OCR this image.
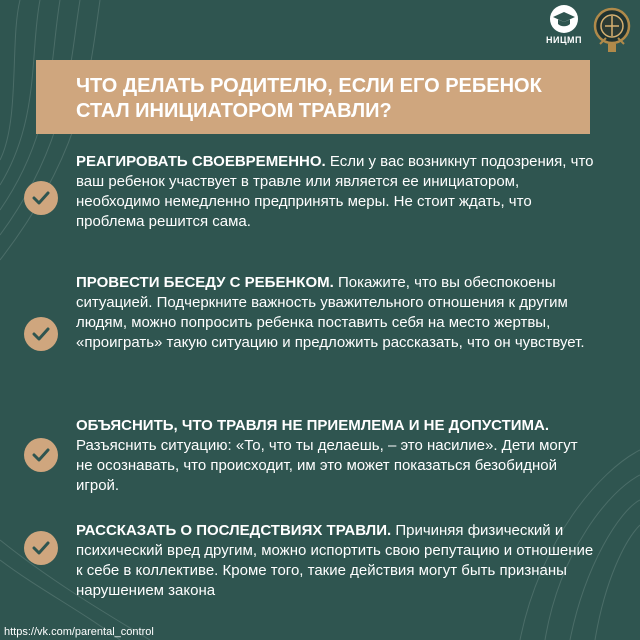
НИЦМП
ЧТО ДЕЛАТЬ РОДИТЕЛЮ, ЕСЛИ ЕГО РЕБЕНОК СТАЛ ИНИЦИАТОРОМ ТРАВЛИ?
РЕАГИРОВАТЬ СВОЕВРЕМЕННО. Если у вас возникнут подозрения, что ваш ребенок участвует в травле или является ее инициатором, необходимо немедленно предпринять меры. Не стоит ждать, что проблема решится сама.
ПРОВЕСТИ БЕСЕДУ С РЕБЕНКОМ. Покажите, что вы обеспокоены ситуацией. Подчеркните важность уважительного отношения к другим людям, можно попросить ребенка поставить себя на место жертвы, «проиграть» такую ситуацию и предложить рассказать, что он чувствует.
ОБЪЯСНИТЬ, ЧТО ТРАВЛЯ НЕ ПРИЕМЛЕМА И НЕ ДОПУСТИМА. Разъяснить ситуацию: «То, что ты делаешь, – это насилие». Дети могут не осознавать, что происходит, им это может показаться безобидной игрой.
РАССКАЗАТЬ О ПОСЛЕДСТВИЯХ ТРАВЛИ. Причиняя физический и психический вред другим, можно испортить свою репутацию и отношение к себе в коллективе. Кроме того, такие действия могут быть признаны нарушением закона
https://vk.com/parental_control
